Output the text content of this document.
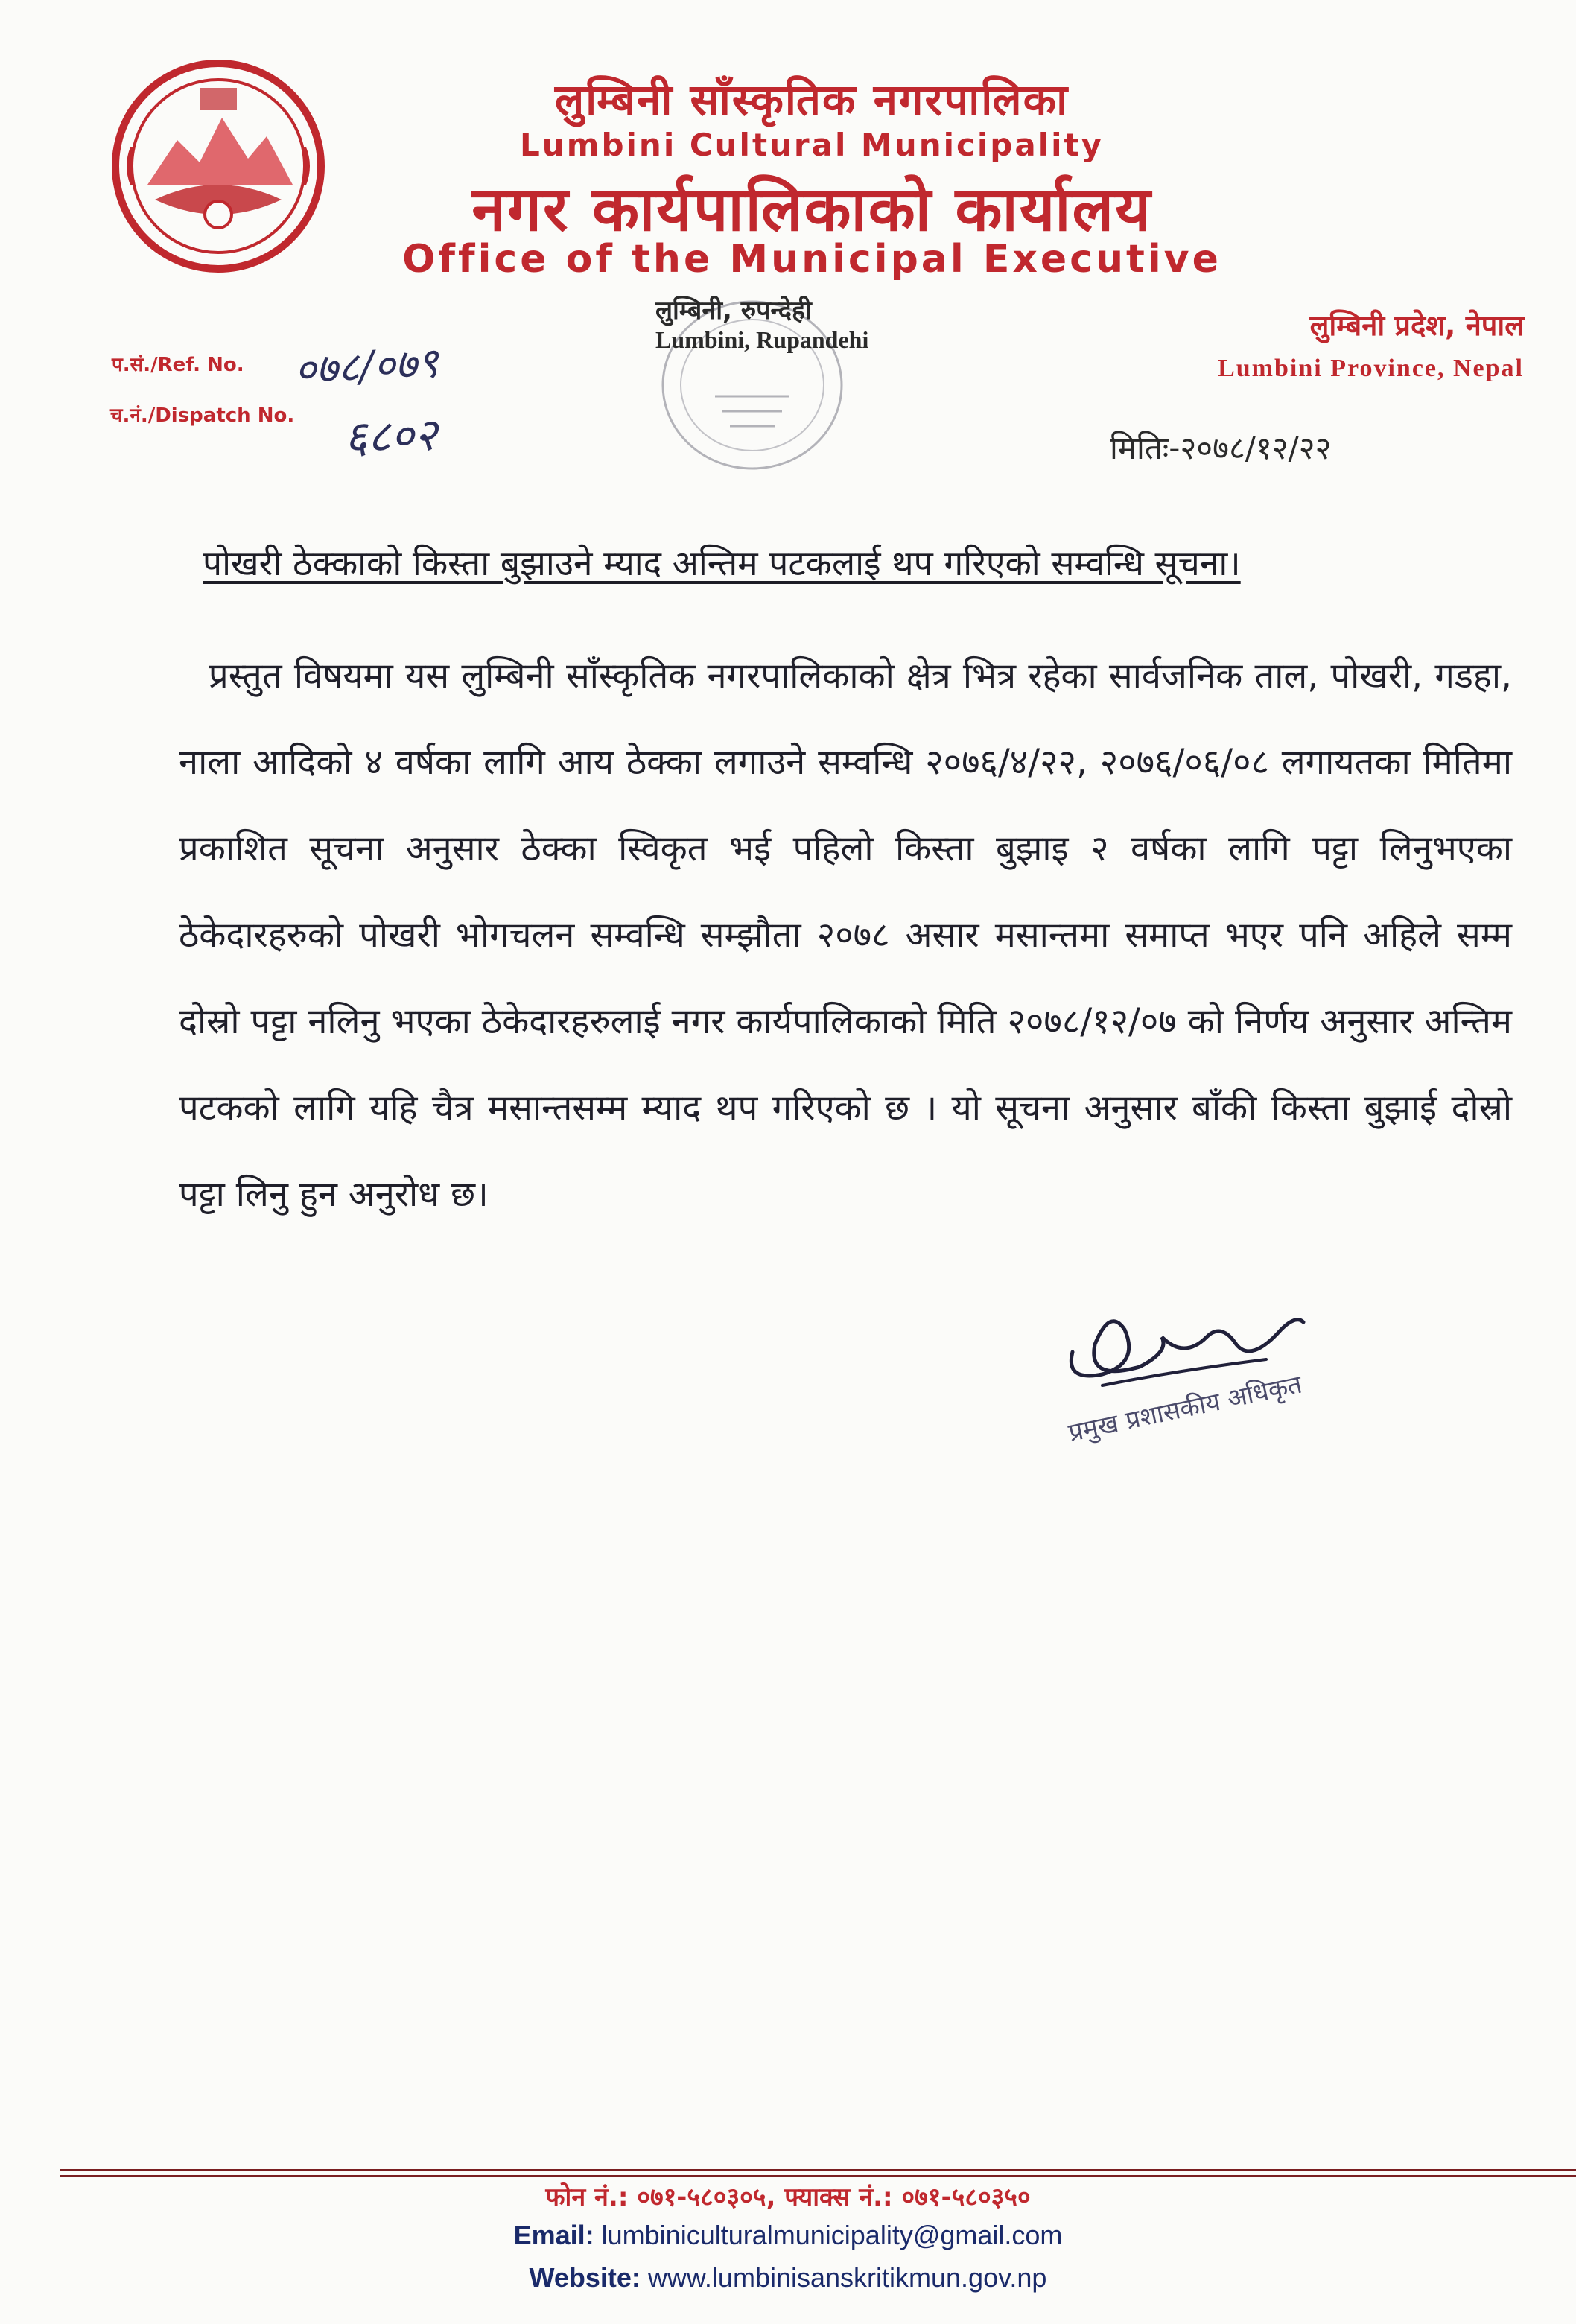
लुम्बिनी साँस्कृतिक नगरपालिका
Lumbini Cultural Municipality
नगर कार्यपालिकाको कार्यालय
Office of the Municipal Executive
लुम्बिनी, रुपन्देही
Lumbini, Rupandehi	लुम्बिनी प्रदेश, नेपाल
Lumbini Province, Nepal
प.सं./Ref. No. ०७८/०७९
च.नं./Dispatch No. ६८०२	मितिः-२०७८/१२/२२
पोखरी ठेक्काको किस्ता बुझाउने म्याद अन्तिम पटकलाई थप गरिएको सम्वन्धि सूचना।
प्रस्तुत विषयमा यस लुम्बिनी साँस्कृतिक नगरपालिकाको क्षेत्र भित्र रहेका सार्वजनिक ताल, पोखरी, गडहा, नाला आदिको ४ वर्षका लागि आय ठेक्का लगाउने सम्वन्धि २०७६/४/२२, २०७६/०६/०८ लगायतका मितिमा प्रकाशित सूचना अनुसार ठेक्का स्विकृत भई पहिलो किस्ता बुझाइ २ वर्षका लागि पट्टा लिनुभएका ठेकेदारहरुको पोखरी भोगचलन सम्वन्धि सम्झौता २०७८ असार मसान्तमा समाप्त भएर पनि अहिले सम्म दोस्रो पट्टा नलिनु भएका ठेकेदारहरुलाई नगर कार्यपालिकाको मिति २०७८/१२/०७ को निर्णय अनुसार अन्तिम पटकको लागि यहि चैत्र मसान्तसम्म म्याद थप गरिएको छ । यो सूचना अनुसार बाँकी किस्ता बुझाई दोस्रो पट्टा लिनु हुन अनुरोध छ।
प्रमुख प्रशासकीय अधिकृत
फोन नं.: ०७१-५८०३०५, फ्याक्स नं.: ०७१-५८०३५०
Email: lumbiniculturalmunicipality@gmail.com
Website: www.lumbinisanskritikmun.gov.np
